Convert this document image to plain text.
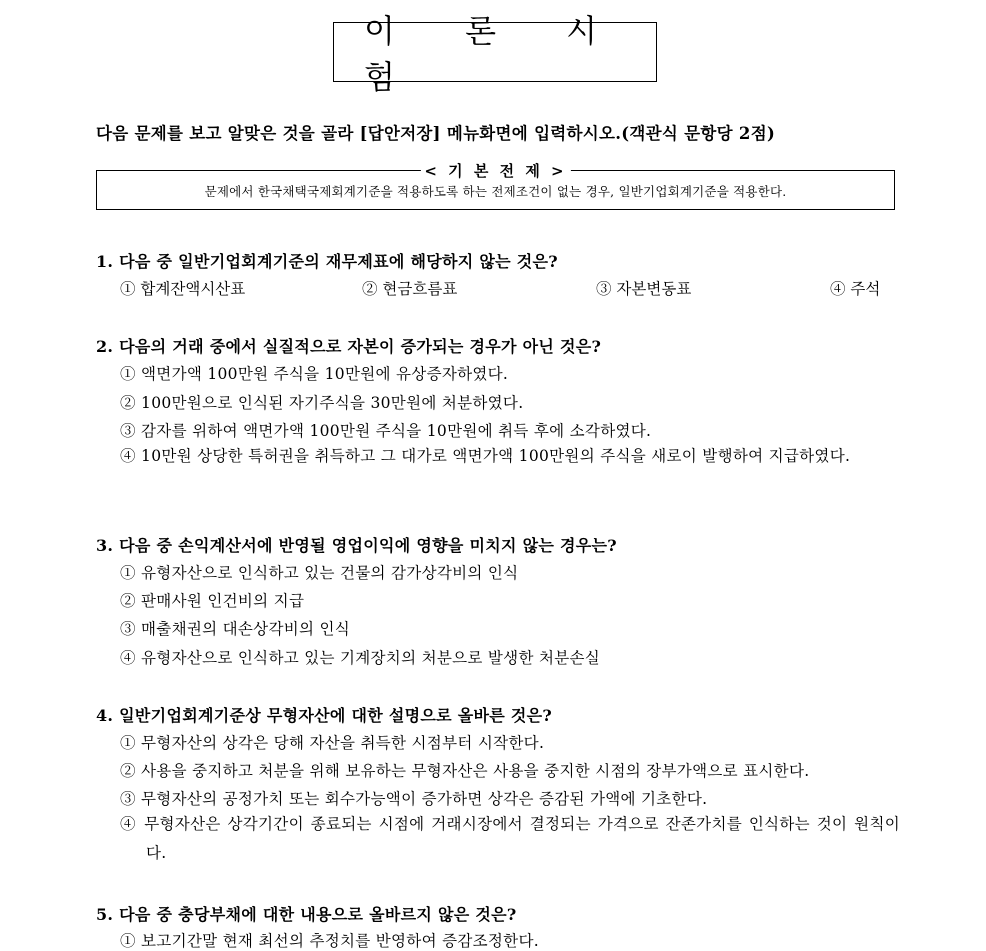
이 론 시 험
다음 문제를 보고 알맞은 것을 골라 [답안저장] 메뉴화면에 입력하시오.(객관식 문항당 2점)
< 기 본 전 제 >
문제에서 한국채택국제회계기준을 적용하도록 하는 전제조건이 없는 경우, 일반기업회계기준을 적용한다.
1. 다음 중 일반기업회계기준의 재무제표에 해당하지 않는 것은?
① 합계잔액시산표	② 현금흐름표	③ 자본변동표	④ 주석
2. 다음의 거래 중에서 실질적으로 자본이 증가되는 경우가 아닌 것은?
① 액면가액 100만원 주식을 10만원에 유상증자하였다.
② 100만원으로 인식된 자기주식을 30만원에 처분하였다.
③ 감자를 위하여 액면가액 100만원 주식을 10만원에 취득 후에 소각하였다.
④ 10만원 상당한 특허권을 취득하고 그 대가로 액면가액 100만원의 주식을 새로이 발행하여 지급하였다.
3. 다음 중 손익계산서에 반영될 영업이익에 영향을 미치지 않는 경우는?
① 유형자산으로 인식하고 있는 건물의 감가상각비의 인식
② 판매사원 인건비의 지급
③ 매출채권의 대손상각비의 인식
④ 유형자산으로 인식하고 있는 기계장치의 처분으로 발생한 처분손실
4. 일반기업회계기준상 무형자산에 대한 설명으로 올바른 것은?
① 무형자산의 상각은 당해 자산을 취득한 시점부터 시작한다.
② 사용을 중지하고 처분을 위해 보유하는 무형자산은 사용을 중지한 시점의 장부가액으로 표시한다.
③ 무형자산의 공정가치 또는 회수가능액이 증가하면 상각은 증감된 가액에 기초한다.
④ 무형자산은 상각기간이 종료되는 시점에 거래시장에서 결정되는 가격으로 잔존가치를 인식하는 것이 원칙이다.
5. 다음 중 충당부채에 대한 내용으로 올바르지 않은 것은?
① 보고기간말 현재 최선의 추정치를 반영하여 증감조정한다.
